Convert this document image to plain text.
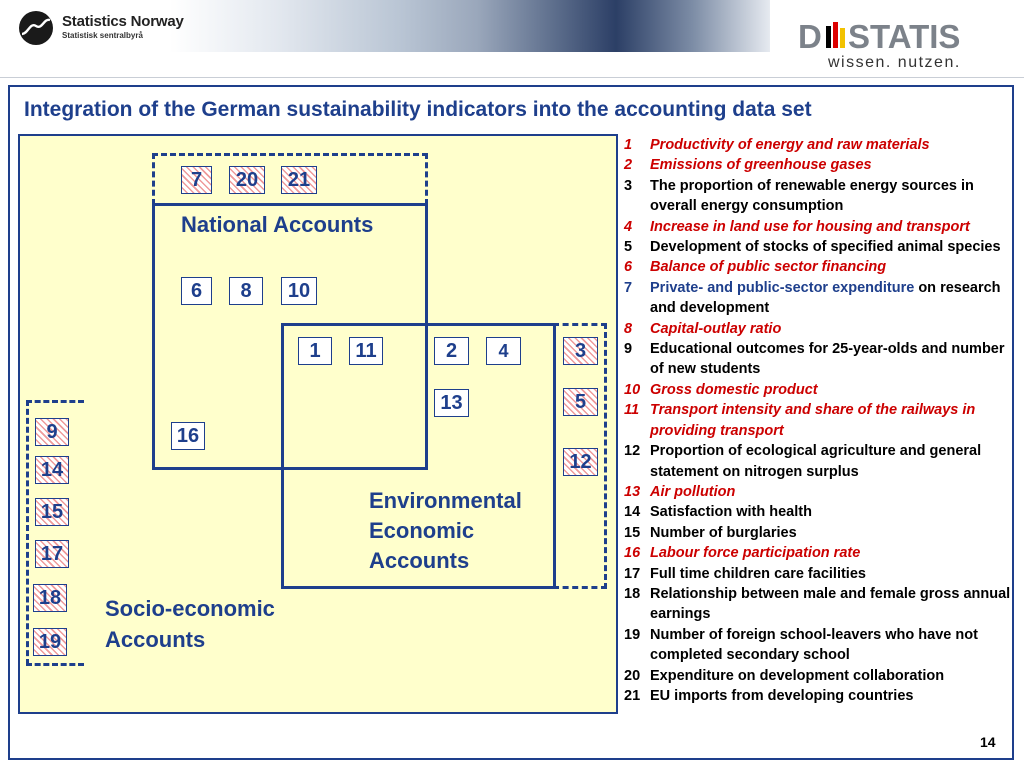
Statistics Norway
Statistisk sentralbyrå	D STATIS
wissen. nutzen.
Integration of the German sustainability indicators into the accounting data set
National Accounts
Environmental
Economic
Accounts
Socio-economic
Accounts
7	20	21
6	8	10
1	11	2	4
13
16
3
5
12
9
14
15
17
18
19
1 Productivity of energy and raw materials
2 Emissions of greenhouse gases
3 The proportion of renewable energy sources in overall energy consumption
4 Increase in land use for housing and transport
5 Development of stocks of specified animal species
6 Balance of public sector financing
7 Private- and public-sector expenditure on research and development
8 Capital-outlay ratio
9 Educational outcomes for 25-year-olds and number of new students
10 Gross domestic product
11 Transport intensity and share of the railways in providing transport
12 Proportion of ecological agriculture and general statement on nitrogen surplus
13 Air pollution
14 Satisfaction with health
15 Number of burglaries
16 Labour force participation rate
17 Full time children care facilities
18 Relationship between male and female gross annual earnings
19 Number of foreign school-leavers who have not completed secondary school
20 Expenditure on development collaboration
21 EU imports from developing countries
14
